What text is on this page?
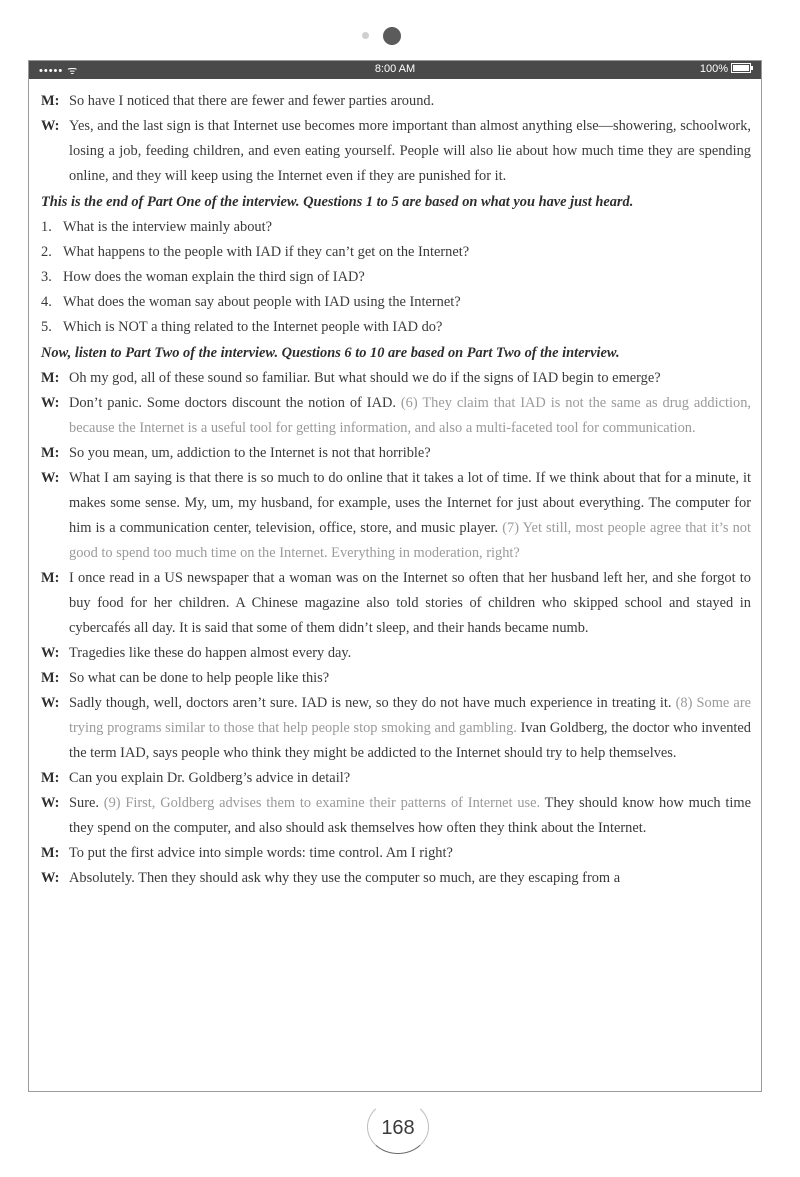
••••• ᯤ	8:00 AM	100%

M: So have I noticed that there are fewer and fewer parties around.

W: Yes, and the last sign is that Internet use becomes more important than almost anything else—showering, schoolwork, losing a job, feeding children, and even eating yourself. People will also lie about how much time they are spending online, and they will keep using the Internet even if they are punished for it.

This is the end of Part One of the interview. Questions 1 to 5 are based on what you have just heard.

1. What is the interview mainly about?

2. What happens to the people with IAD if they can’t get on the Internet?

3. How does the woman explain the third sign of IAD?

4. What does the woman say about people with IAD using the Internet?

5. Which is NOT a thing related to the Internet people with IAD do?

Now, listen to Part Two of the interview. Questions 6 to 10 are based on Part Two of the interview.

M: Oh my god, all of these sound so familiar. But what should we do if the signs of IAD begin to emerge?

W: Don’t panic. Some doctors discount the notion of IAD. (6) They claim that IAD is not the same as drug addiction, because the Internet is a useful tool for getting information, and also a multi-faceted tool for communication.

M: So you mean, um, addiction to the Internet is not that horrible?

W: What I am saying is that there is so much to do online that it takes a lot of time. If we think about that for a minute, it makes some sense. My, um, my husband, for example, uses the Internet for just about everything. The computer for him is a communication center, television, office, store, and music player. (7) Yet still, most people agree that it’s not good to spend too much time on the Internet. Everything in moderation, right?

M: I once read in a US newspaper that a woman was on the Internet so often that her husband left her, and she forgot to buy food for her children. A Chinese magazine also told stories of children who skipped school and stayed in cybercafés all day. It is said that some of them didn’t sleep, and their hands became numb.

W: Tragedies like these do happen almost every day.

M: So what can be done to help people like this?

W: Sadly though, well, doctors aren’t sure. IAD is new, so they do not have much experience in treating it. (8) Some are trying programs similar to those that help people stop smoking and gambling. Ivan Goldberg, the doctor who invented the term IAD, says people who think they might be addicted to the Internet should try to help themselves.

M: Can you explain Dr. Goldberg’s advice in detail?

W: Sure. (9) First, Goldberg advises them to examine their patterns of Internet use. They should know how much time they spend on the computer, and also should ask themselves how often they think about the Internet.

M: To put the first advice into simple words: time control. Am I right?

W: Absolutely. Then they should ask why they use the computer so much, are they escaping from a

168
